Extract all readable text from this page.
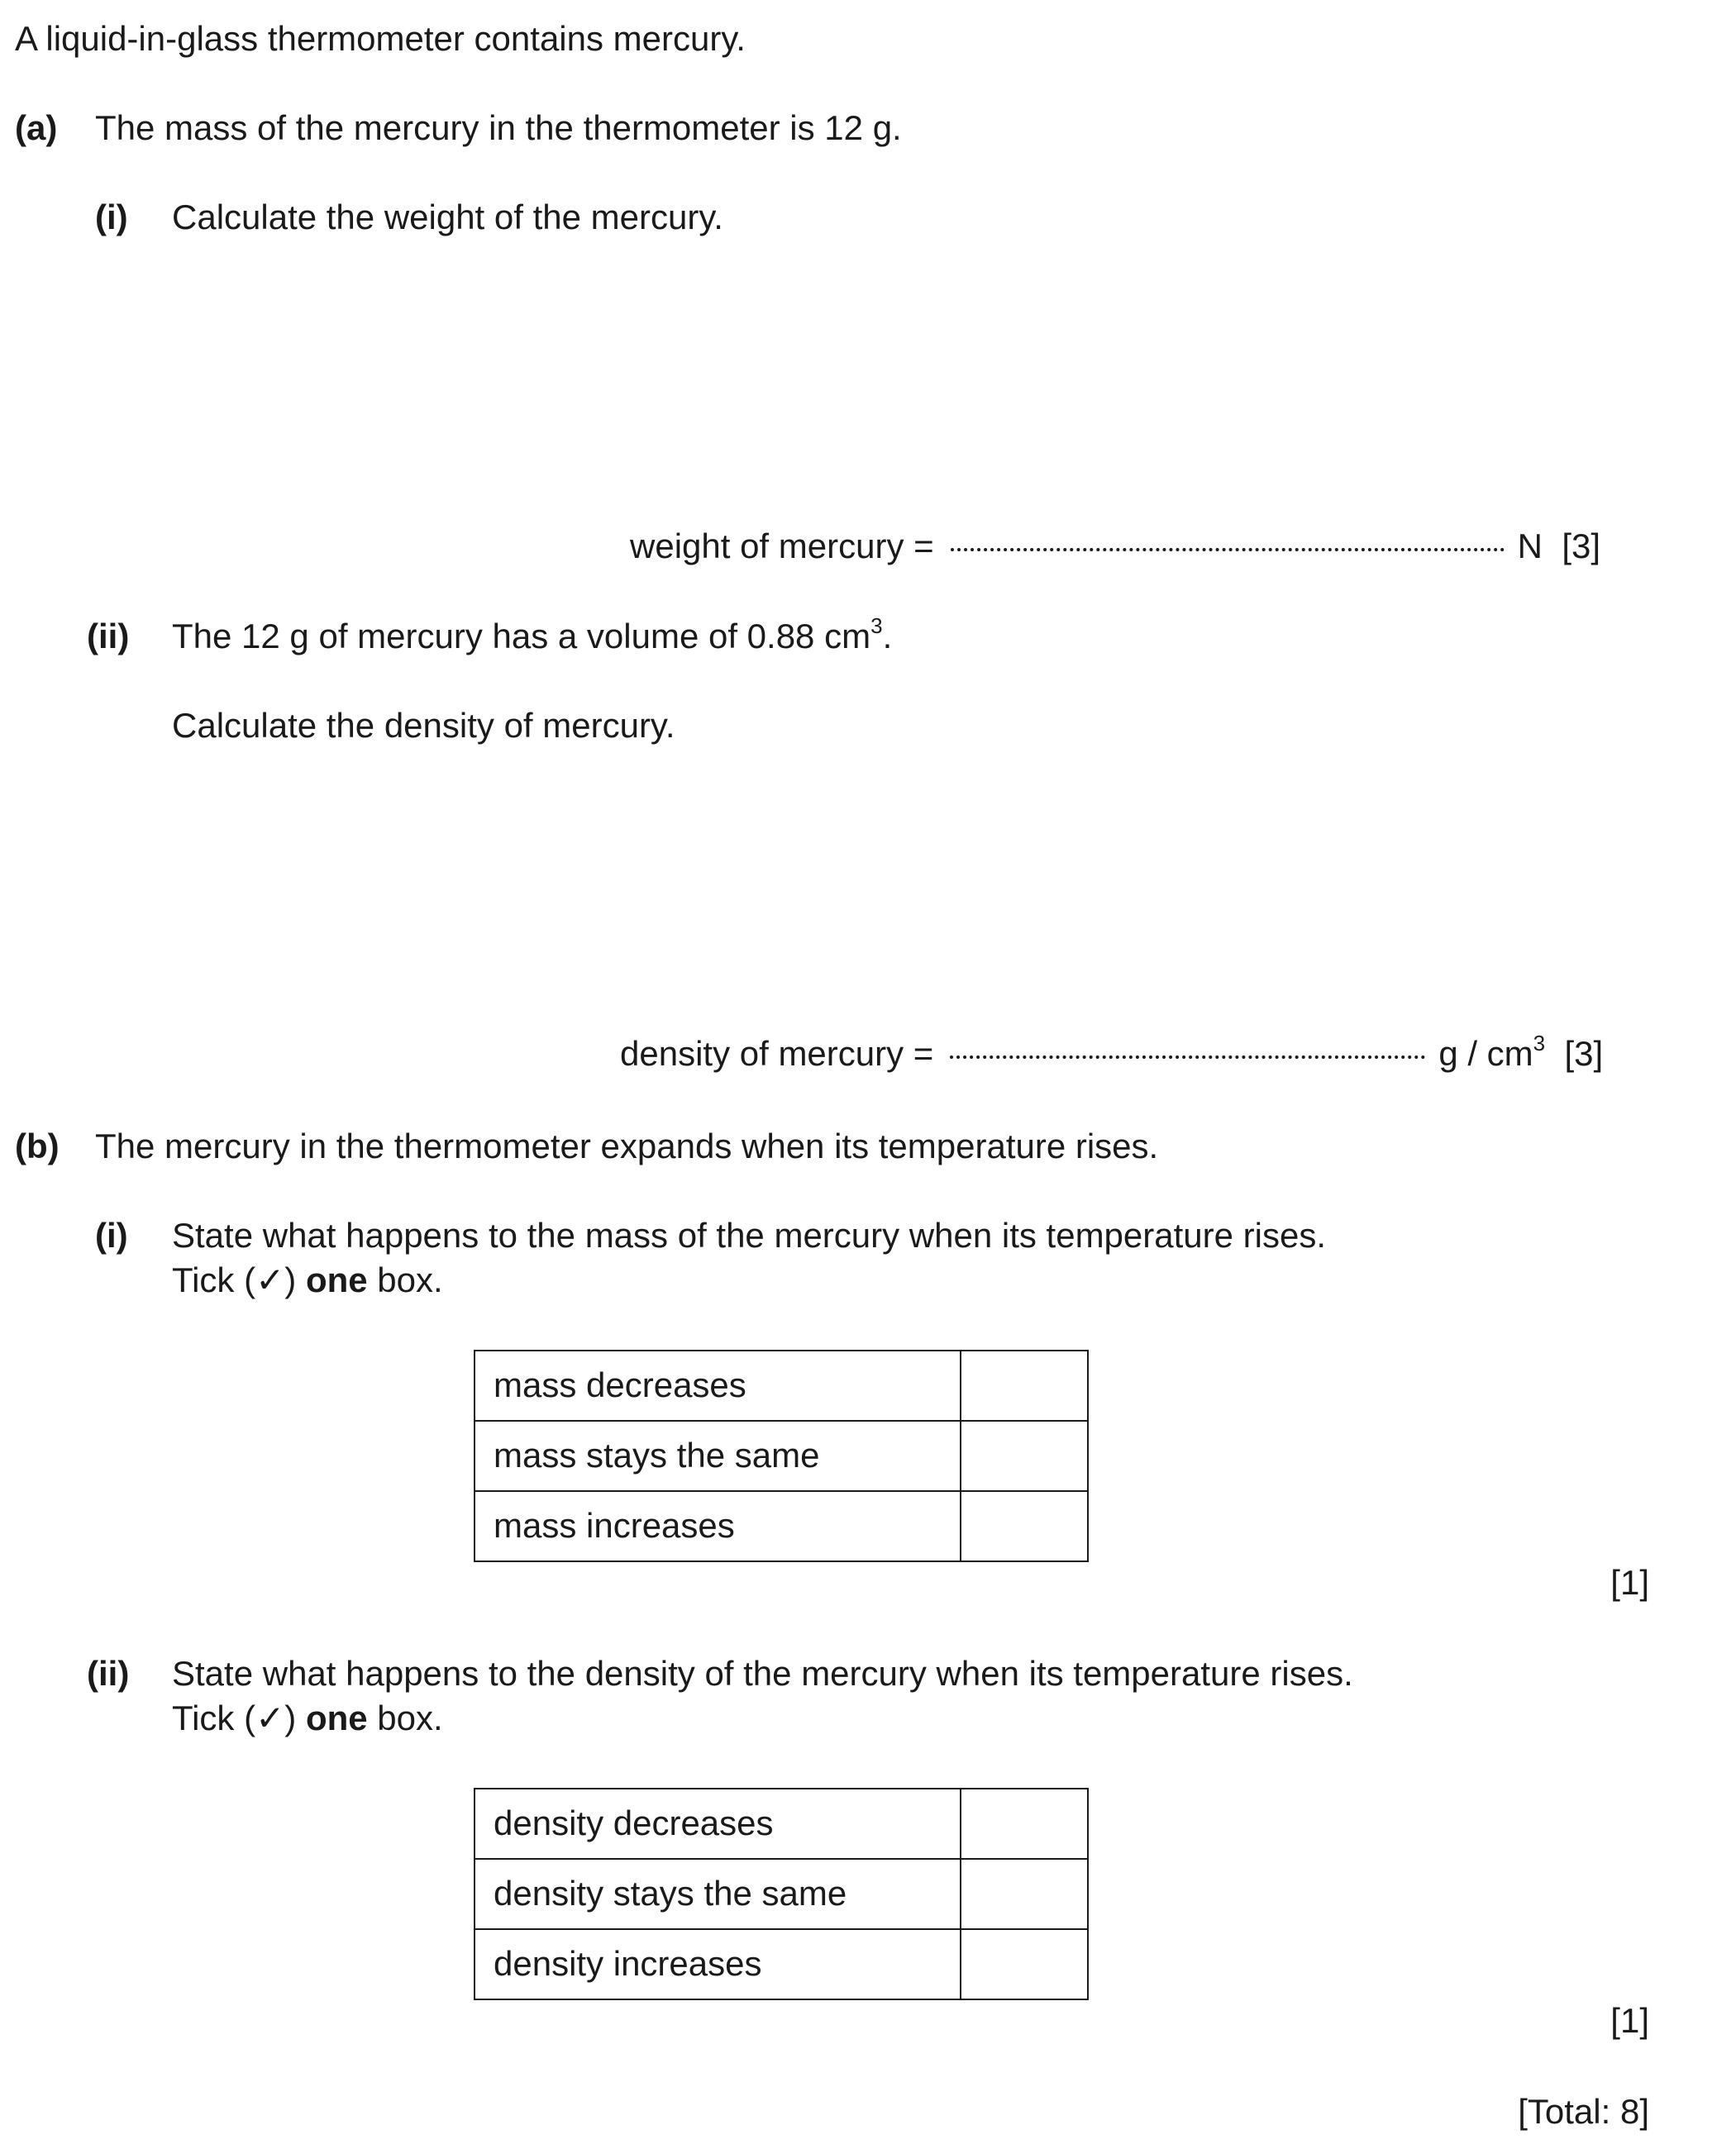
A liquid-in-glass thermometer contains mercury.
(a) The mass of the mercury in the thermometer is 12 g.
(i) Calculate the weight of the mercury.
weight of mercury =	N [3]
(ii) The 12 g of mercury has a volume of 0.88 $cm^3$.
Calculate the density of mercury.
density of mercury =	g / $cm^3$ [3]
(b) The mercury in the thermometer expands when its temperature rises.
(i) State what happens to the mass of the mercury when its temperature rises.
Tick (✓) one box.
mass decreases	
mass stays the same	
mass increases	
[1]
(ii) State what happens to the density of the mercury when its temperature rises.
Tick (✓) one box.
density decreases	
density stays the same	
density increases	
[1]
[Total: 8]
